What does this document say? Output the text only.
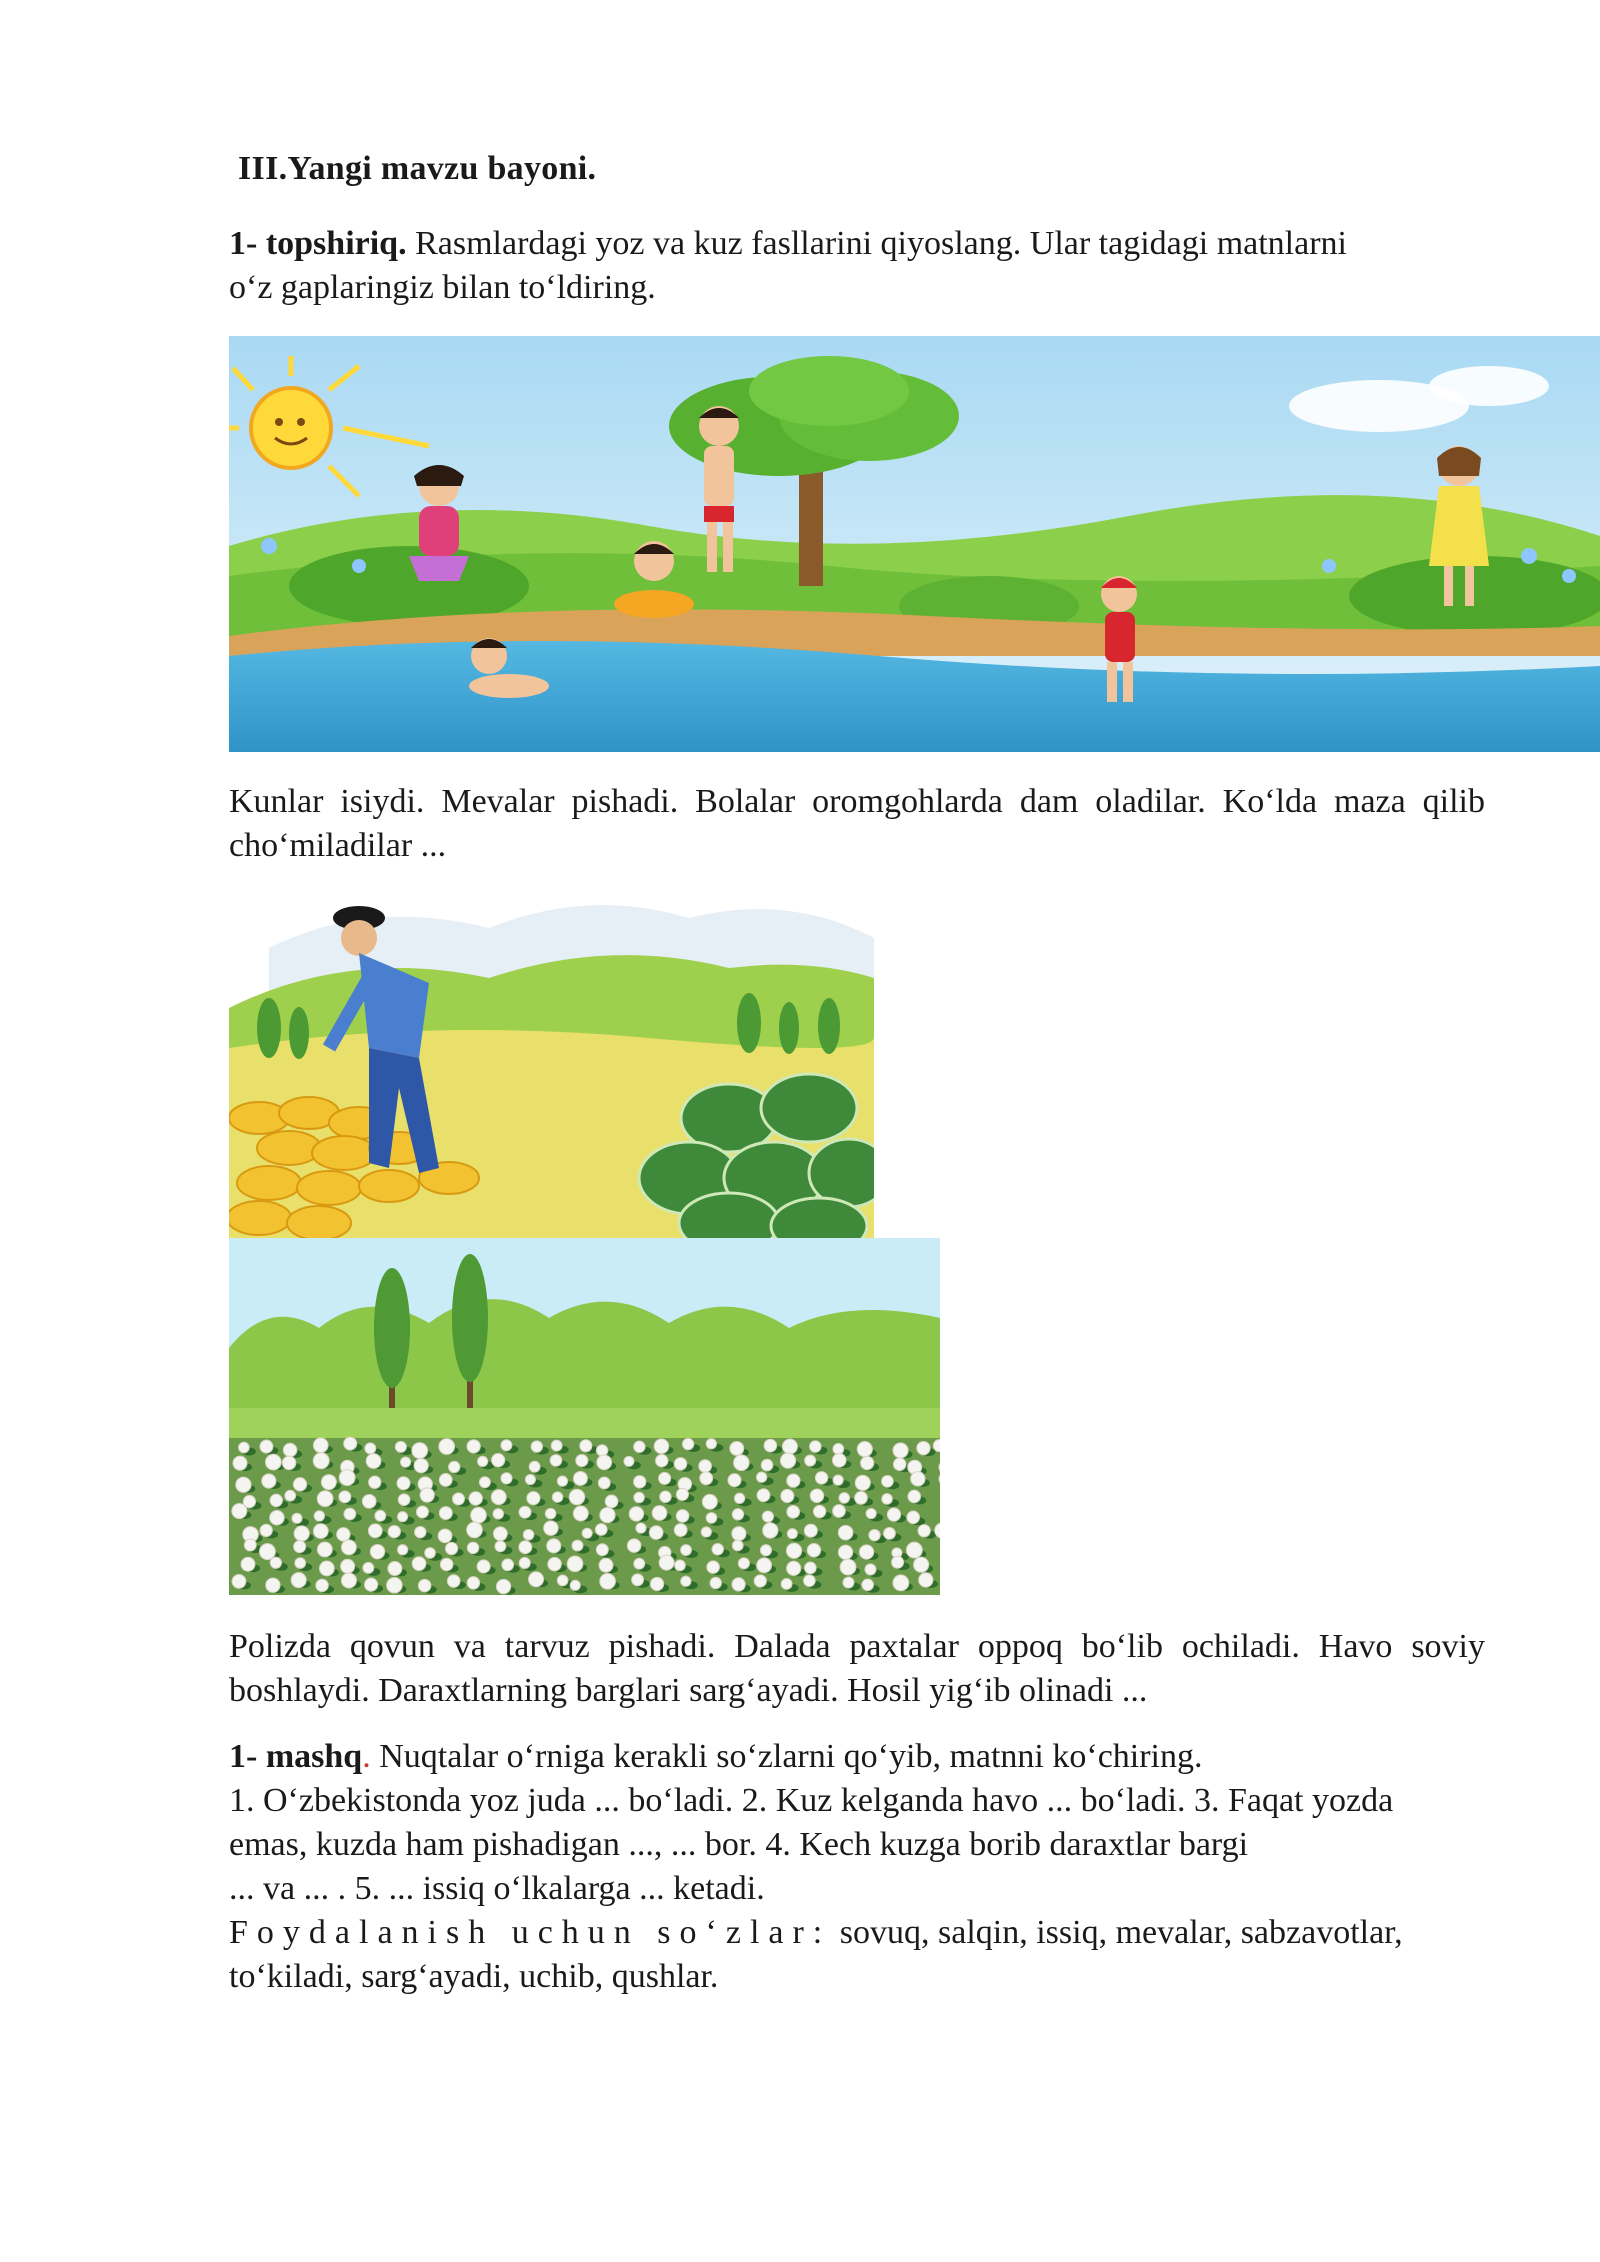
III.Yangi mavzu bayoni.
1- topshiriq. Rasmlardagi yoz va kuz fasllarini qiyoslang. Ular tagidagi matnlarni
o‘z gaplaringiz bilan to‘ldiring.
Kunlar isiydi. Mevalar pishadi. Bolalar oromgohlarda dam oladilar. Ko‘lda maza qilib cho‘miladilar ...
Polizda qovun va tarvuz pishadi. Dalada paxtalar oppoq bo‘lib ochiladi. Havo soviy boshlaydi. Daraxtlarning barglari sarg‘ayadi. Hosil yig‘ib olinadi ...
1- mashq. Nuqtalar o‘rniga kerakli so‘zlarni qo‘yib, matnni ko‘chiring.
1. O‘zbekistonda yoz juda ... bo‘ladi. 2. Kuz kelganda havo ... bo‘ladi. 3. Faqat yozda
emas, kuzda ham pishadigan ..., ... bor. 4. Kech kuzga borib daraxtlar bargi
... va ... . 5. ... issiq o‘lkalarga ... ketadi.
Foydalanish uchun so‘zlar: sovuq, salqin, issiq, mevalar, sabzavotlar,
to‘kiladi, sarg‘ayadi, uchib, qushlar.
